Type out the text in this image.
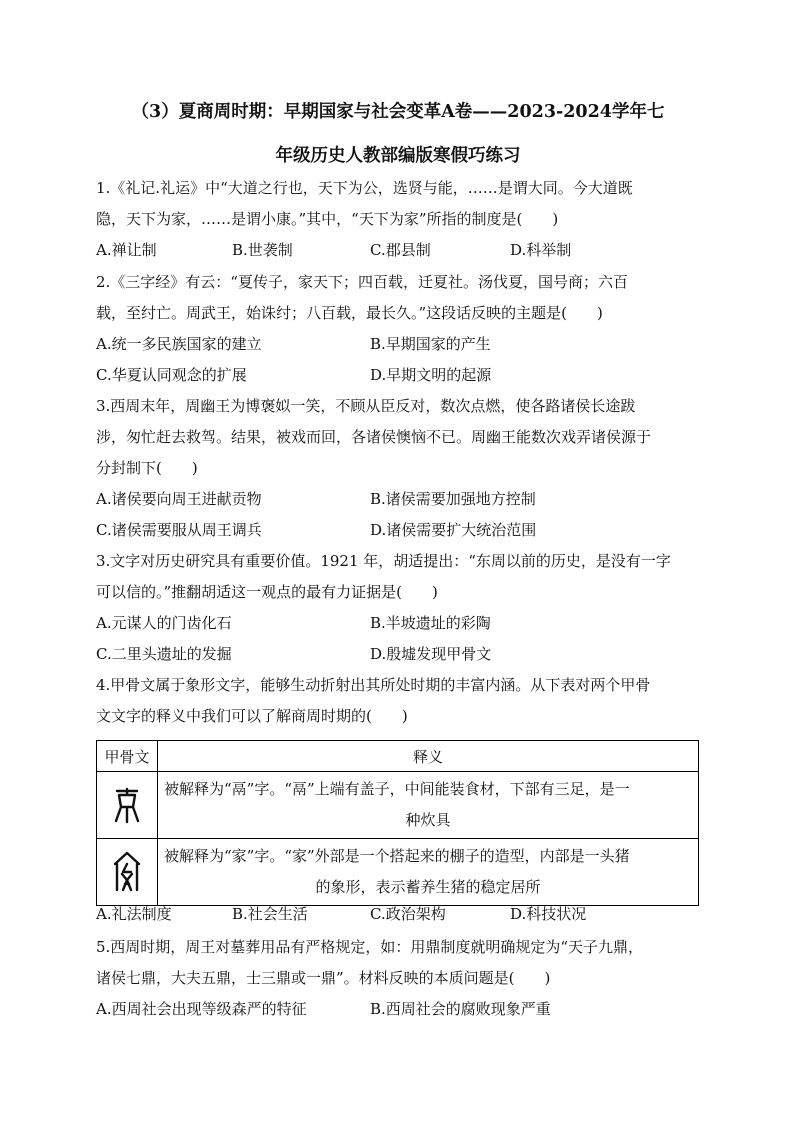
（3）夏商周时期：早期国家与社会变革A卷——2023-2024学年七
年级历史人教部编版寒假巧练习
1.《礼记.礼运》中“大道之行也，天下为公，选贤与能，……是谓大同。今大道既
隐，天下为家，……是谓小康。”其中，“天下为家”所指的制度是(　　)
A.禅让制	B.世袭制	C.郡县制	D.科举制
2.《三字经》有云：“夏传子，家天下；四百载，迁夏社。汤伐夏，国号商；六百
载，至纣亡。周武王，始诛纣；八百载，最长久。”这段话反映的主题是(　　)
A.统一多民族国家的建立	B.早期国家的产生
C.华夏认同观念的扩展	D.早期文明的起源
3.西周末年，周幽王为博褒姒一笑，不顾从臣反对，数次点燃，使各路诸侯长途跋
涉，匆忙赶去救驾。结果，被戏而回，各诸侯懊恼不已。周幽王能数次戏弄诸侯源于
分封制下(　　)
A.诸侯要向周王进献贡物	B.诸侯需要加强地方控制
C.诸侯需要服从周王调兵	D.诸侯需要扩大统治范围
3.文字对历史研究具有重要价值。1921 年，胡适提出：“东周以前的历史，是没有一字
可以信的。”推翻胡适这一观点的最有力证据是(　　)
A.元谋人的门齿化石	B.半坡遗址的彩陶
C.二里头遗址的发掘	D.殷墟发现甲骨文
4.甲骨文属于象形文字，能够生动折射出其所处时期的丰富内涵。从下表对两个甲骨
文文字的释义中我们可以了解商周时期的(　　)
甲骨文	释义
	被解释为“鬲”字。“鬲”上端有盖子，中间能装食材，下部有三足，是一
种炊具

	被解释为“家”字。“家”外部是一个搭起来的棚子的造型，内部是一头猪
的象形，表示蓄养生猪的稳定居所
A.礼法制度	B.社会生活	C.政治架构	D.科技状况
5.西周时期，周王对墓葬用品有严格规定，如：用鼎制度就明确规定为“天子九鼎，
诸侯七鼎，大夫五鼎，士三鼎或一鼎”。材料反映的本质问题是(　　)
A.西周社会出现等级森严的特征	B.西周社会的腐败现象严重
